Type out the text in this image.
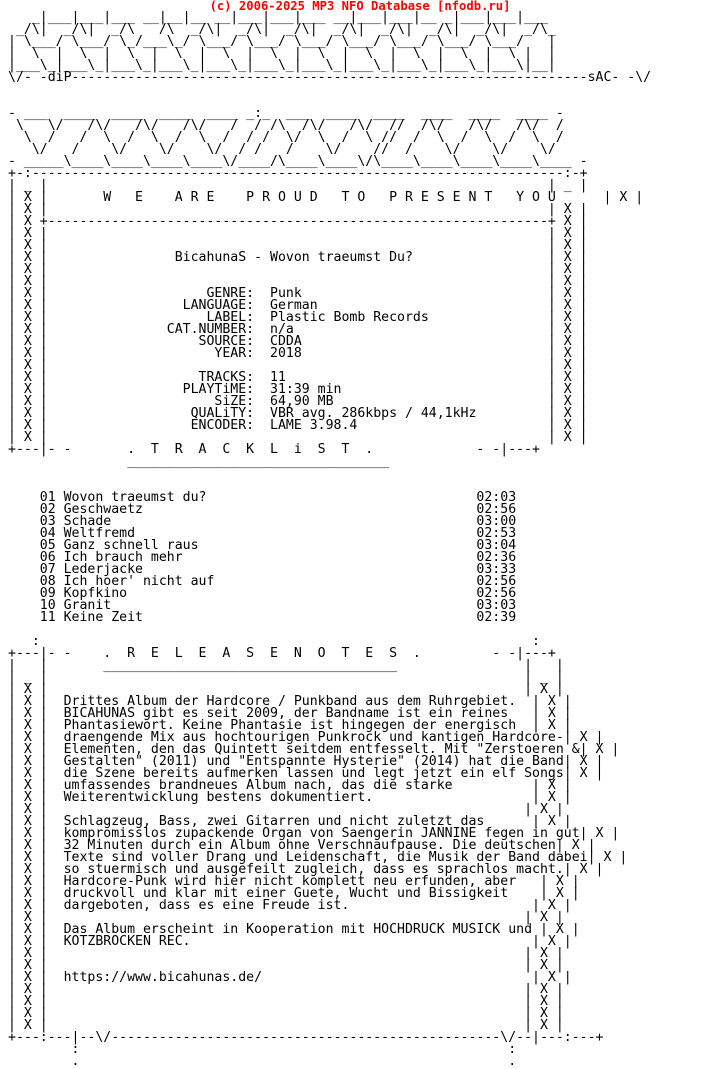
(c) 2006-2025 MP3 NFO Database [nfodb.ru]
_|___|___|___ __|__|__ __|___|___|___ __|___|___|__ _|___|___|___
_/\|  _/\|  _/\   /\  _/\|  _/\|  _/\|  _/\|  _/\|  _/\|  _/\|  _/\_
| \___/ \___/ \_/___\_/ \___/ \___/ \___/ \___/ \___/ \___/ \___/   |
|  \  |  \  |  \  |  \  |  \  |  \  |  \  |  \  |  \  |  \  |  \ |  |
|___\_|___\_|___\_|___\_|___\_|___\_|___\_|___\_|___\_|___\_|___\|__|
\/- -diP-----------------------------------------------------------------sAC- -\/
- ___  ____  ____  ____  ____ _:_  ___  ____  ____  ____  ____  ____ -
\   \/   /\/   /\/   /\/   /  / /\  /\/   /\/  //  /\/   /\/   /\/  /
\  /   /  \  /  \  /  \  /  / /  \/  \  /  \ //  /  \  /  \  /  \  /
\/   /    \/    \/    \/  / /   /    \/    //  /    \/    \/    \/
- _____\____\____\____\____\/____/\____\____\/\____\____\____\____\____ -
+-:-------------------------------------------------------------------:-+
| _ |                                                               | _ |
| X |       W   E    A R E    P R O U D   T O   P R E S E N T   Y O U      | X |
| X |                                                               | X |
| X +---------------------------------------------------------------+ X |
| X |                                                               | X |
| X |                                                               | X |
| X |                BicahunaS - Wovon traeumst Du?                 | X |
| X |                                                               | X |
| X |                                                               | X |
| X |                    GENRE:  Punk                               | X |
| X |                 LANGUAGE:  German                             | X |
| X |                    LABEL:  Plastic Bomb Records               | X |
| X |               CAT.NUMBER:  n/a                                | X |
| X |                   SOURCE:  CDDA                               | X |
| X |                     YEAR:  2018                               | X |
| X |                                                               | X |
| X |                   TRACKS:  11                                 | X |
| X |                 PLAYTiME:  31:39 min                          | X |
| X |                     SiZE:  64,90 MB                           | X |
| X |                  QUALiTY:  VBR avg. 286kbps / 44,1kHz         | X |
| X |                  ENCODER:  LAME 3.98.4                        | X |
| X |                                                               | X |
+---|- -       .  T  R  A  C  K  L  i  S  T  .             - -|---+
_________________________________
01 Wovon traeumst du?                                  02:03
02 Geschwaetz                                          02:56
03 Schade                                              03:00
04 Weltfremd                                           02:53
05 Ganz schnell raus                                   03:04
06 Ich brauch mehr                                     02:36
07 Lederjacke                                          03:33
08 Ich hoer' nicht auf                                 02:56
09 Kopfkino                                            02:56
10 Granit                                              03:03
11 Keine Zeit                                          02:39
:                                                              :
+---|- -    .  R  E  L  E  A  S  E  N  O  T  E  S  .         - -|---+
|   |       _____________________________________                |   |
| _ |                                                            | _ |
| X |                                                            | X |
| X |  Drittes Album der Hardcore / Punkband aus dem Ruhrgebiet.  | X |
| X |  BICAHUNAS gibt es seit 2009, der Bandname ist ein reines   | X |
| X |  Phantasiewort. Keine Phantasie ist hingegen der energisch  | X |
| X |  draengende Mix aus hochtourigen Punkrock und kantigen Hardcore-| X |
| X |  Elementen, den das Quintett seitdem entfesselt. Mit "Zerstoeren &| X |
| X |  Gestalten" (2011) und "Entspannte Hysterie" (2014) hat die Band| X |
| X |  die Szene bereits aufmerken lassen und legt jetzt ein elf Songs| X |
| X |  umfassendes brandneues Album nach, das die starke          | X |
| X |  Weiterentwicklung bestens dokumentiert.                    | X |
| X |                                                            | X |
| X |  Schlagzeug, Bass, zwei Gitarren und nicht zuletzt das      | X |
| X |  kompromisslos zupackende Organ von Saengerin JANNINE fegen in gut| X |
| X |  32 Minuten durch ein Album ohne Verschnaufpause. Die deutschen| X |
| X |  Texte sind voller Drang und Leidenschaft, die Musik der Band dabei| X |
| X |  so stuermisch und ausgefeilt zugleich, dass es sprachlos macht.| X |
| X |  Hardcore-Punk wird hier nicht komplett neu erfunden, aber   | X |
| X |  druckvoll und klar mit einer Guete, Wucht und Bissigkeit    | X |
| X |  dargeboten, dass es eine Freude ist.                       | X |
| X |                                                            | X |
| X |  Das Album erscheint in Kooperation mit HOCHDRUCK MUSICK und | X |
| X |  KOTZBROCKEN REC.                                           | X |
| X |                                                            | X |
| X |                                                            | X |
| X |  https://www.bicahunas.de/                                  | X |
| X |                                                            | X |
| X |                                                            | X |
| X |                                                            | X |
| X |                                                            | X |
+---:---|--\/-------------------------------------------------\/--|---:---+
:                                                      :
.                                                      .
